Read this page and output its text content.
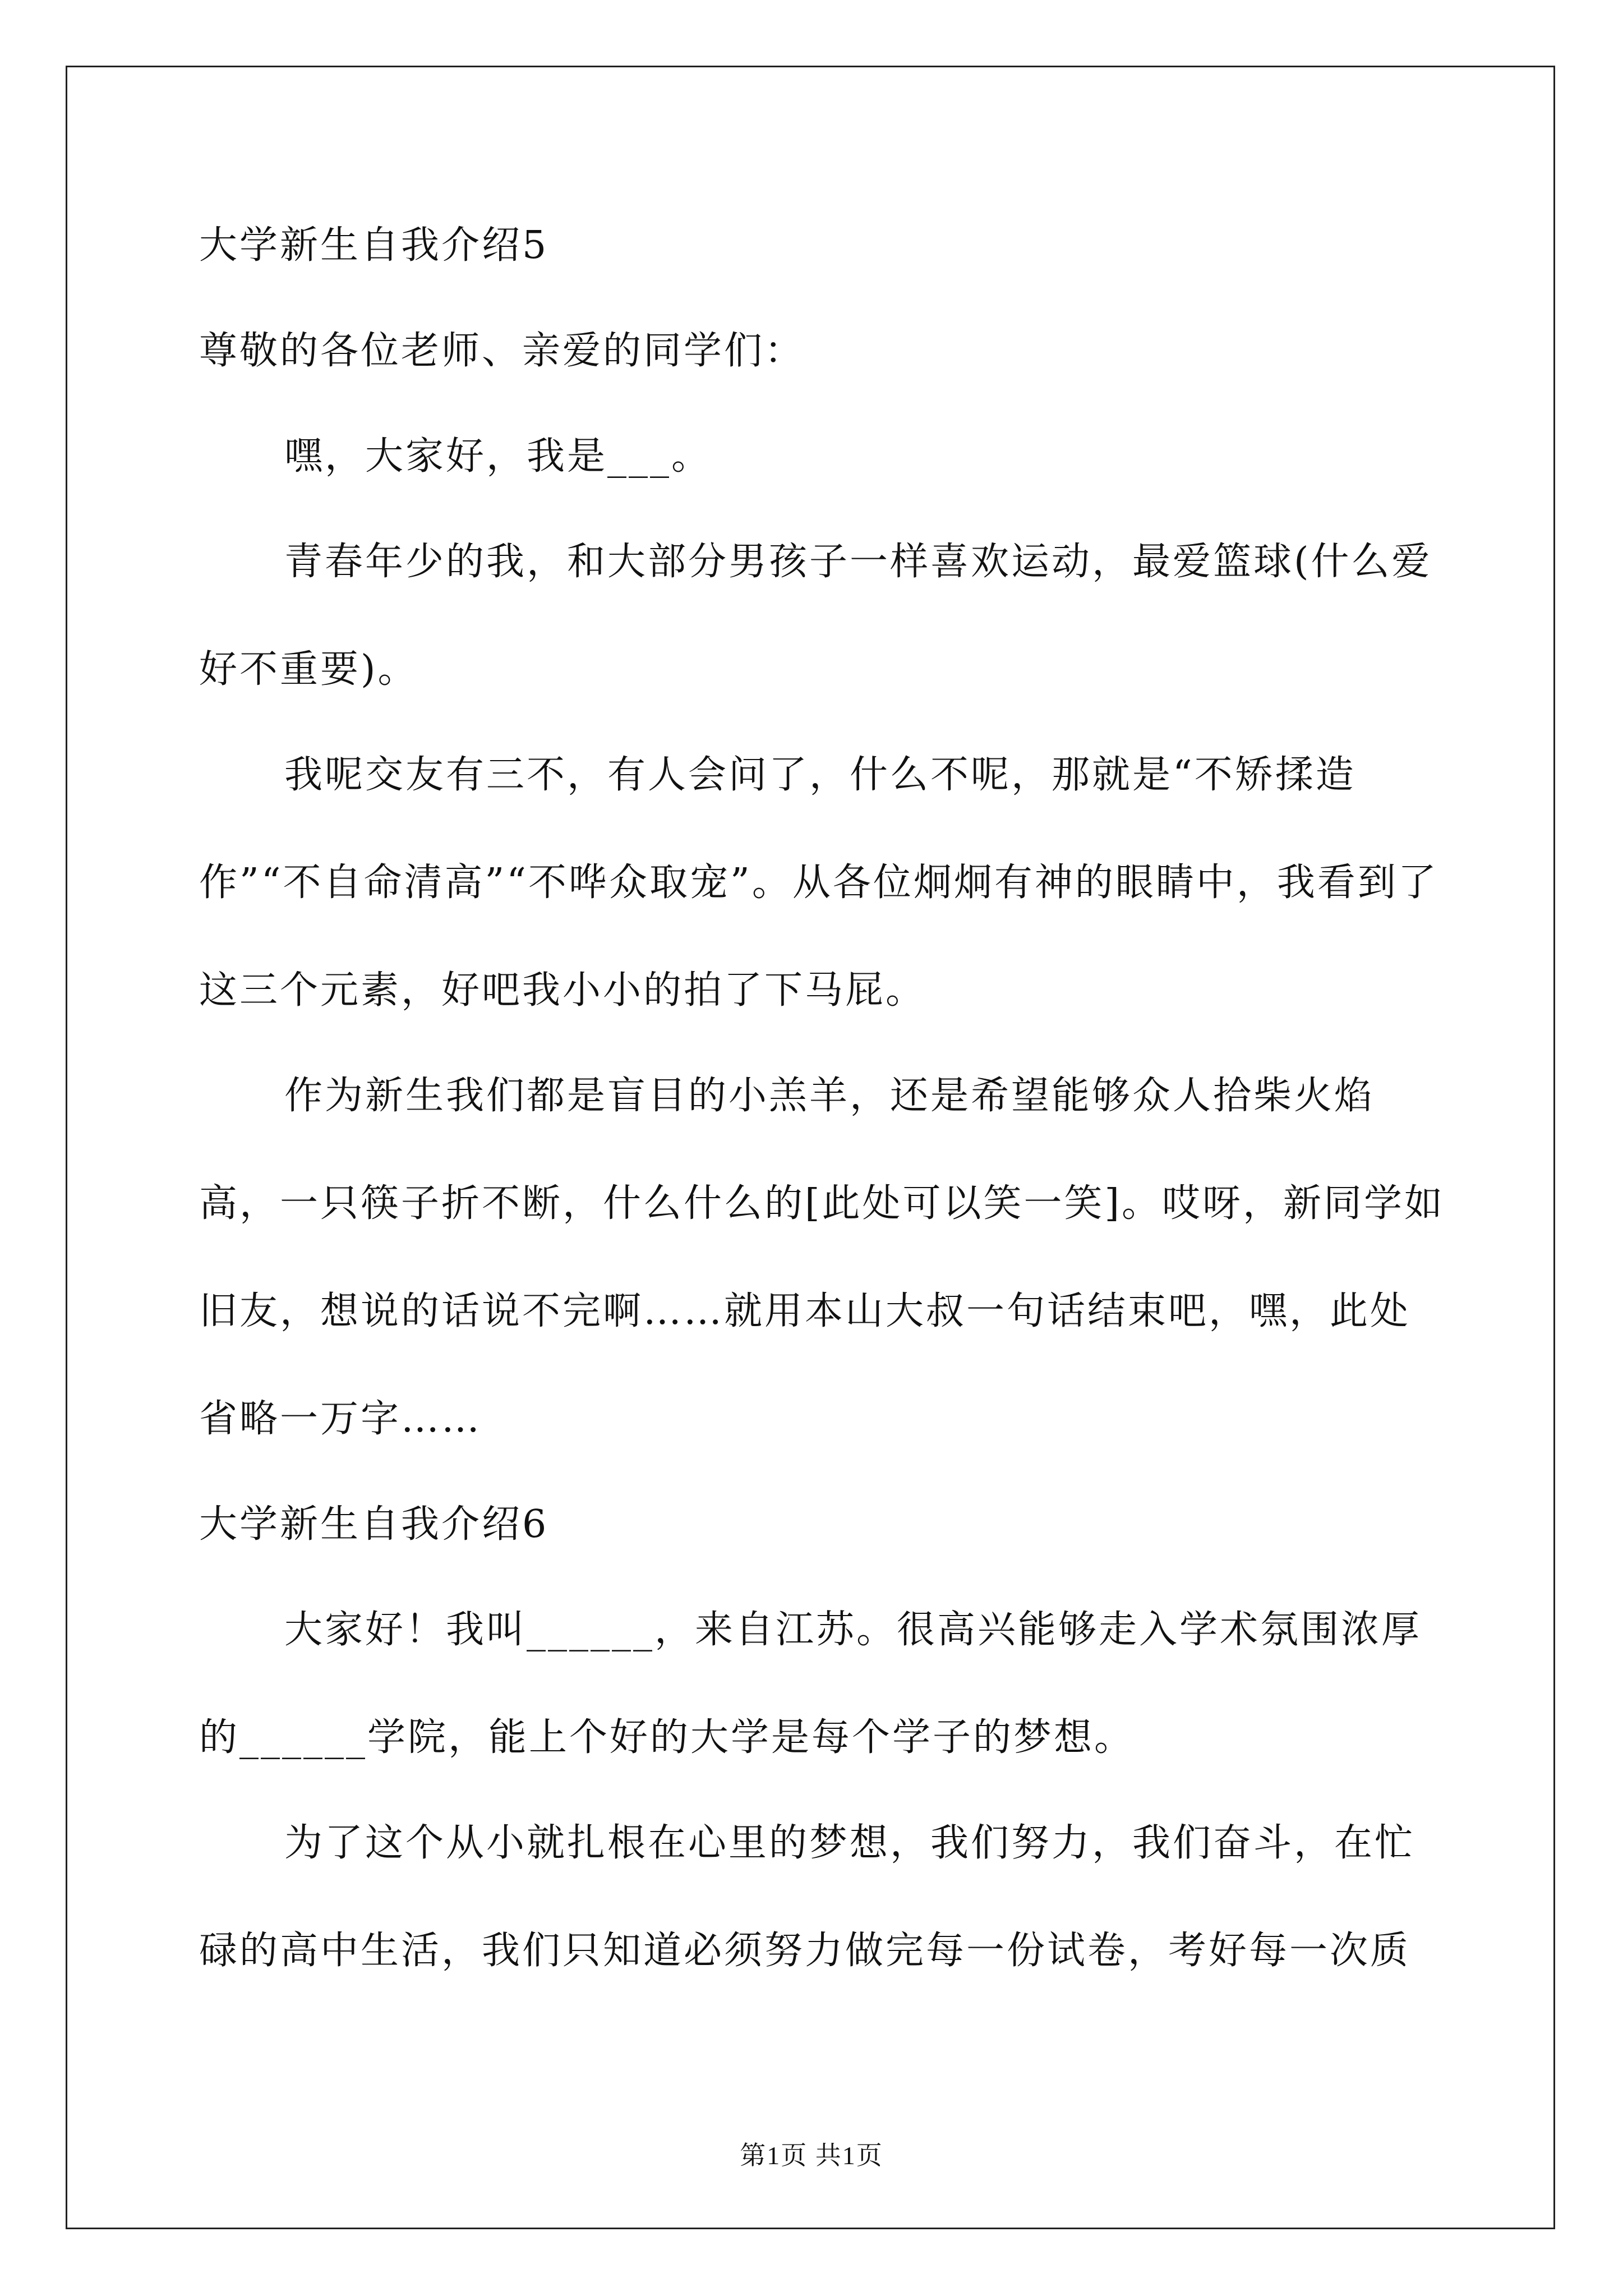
大学新生自我介绍5
尊敬的各位老师、亲爱的同学们：
嘿，大家好，我是___。
青春年少的我，和大部分男孩子一样喜欢运动，最爱篮球(什么爱好不重要)。
我呢交友有三不，有人会问了，什么不呢，那就是“不矫揉造作”“不自命清高”“不哗众取宠”。从各位炯炯有神的眼睛中，我看到了这三个元素，好吧我小小的拍了下马屁。
作为新生我们都是盲目的小羔羊，还是希望能够众人拾柴火焰高，一只筷子折不断，什么什么的[此处可以笑一笑]。哎呀，新同学如旧友，想说的话说不完啊……就用本山大叔一句话结束吧，嘿，此处省略一万字……
大学新生自我介绍6
大家好！我叫______，来自江苏。很高兴能够走入学术氛围浓厚的______学院，能上个好的大学是每个学子的梦想。
为了这个从小就扎根在心里的梦想，我们努力，我们奋斗，在忙碌的高中生活，我们只知道必须努力做完每一份试卷，考好每一次质
第1页 共1页
